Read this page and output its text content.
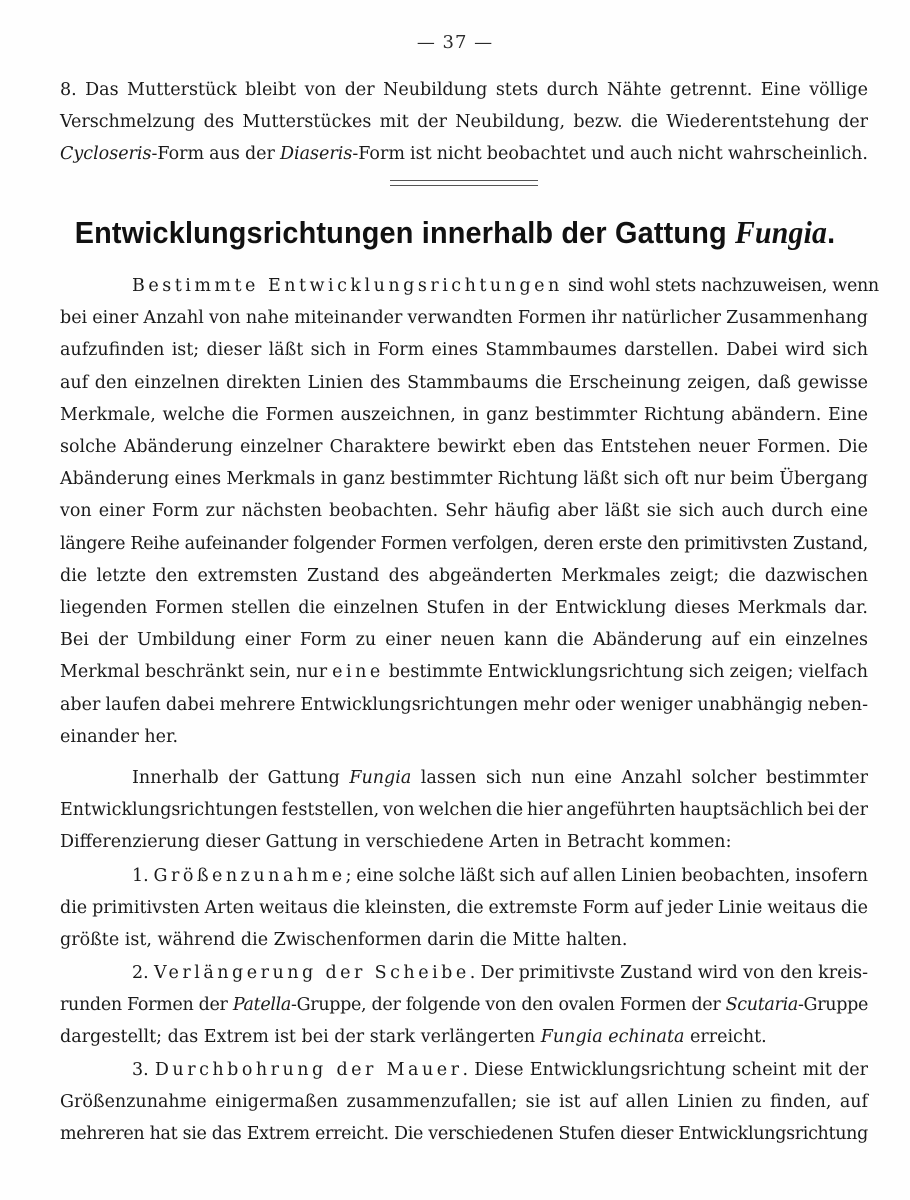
— 37 —
8. Das Mutterstück bleibt von der Neubildung stets durch Nähte getrennt. Eine völlige
Verschmelzung des Mutterstückes mit der Neubildung, bezw. die Wiederentstehung der
Cycloseris-Form aus der Diaseris-Form ist nicht beobachtet und auch nicht wahrscheinlich.
Entwicklungsrichtungen innerhalb der Gattung Fungia.
Bestimmte Entwicklungsrichtungen sind wohl stets nachzuweisen, wenn
bei einer Anzahl von nahe miteinander verwandten Formen ihr natürlicher Zusammenhang
aufzufinden ist; dieser läßt sich in Form eines Stammbaumes darstellen. Dabei wird sich
auf den einzelnen direkten Linien des Stammbaums die Erscheinung zeigen, daß gewisse
Merkmale, welche die Formen auszeichnen, in ganz bestimmter Richtung abändern. Eine
solche Abänderung einzelner Charaktere bewirkt eben das Entstehen neuer Formen. Die
Abänderung eines Merkmals in ganz bestimmter Richtung läßt sich oft nur beim Übergang
von einer Form zur nächsten beobachten. Sehr häufig aber läßt sie sich auch durch eine
längere Reihe aufeinander folgender Formen verfolgen, deren erste den primitivsten Zustand,
die letzte den extremsten Zustand des abgeänderten Merkmales zeigt; die dazwischen
liegenden Formen stellen die einzelnen Stufen in der Entwicklung dieses Merkmals dar.
Bei der Umbildung einer Form zu einer neuen kann die Abänderung auf ein einzelnes
Merkmal beschränkt sein, nur eine bestimmte Entwicklungsrichtung sich zeigen; vielfach
aber laufen dabei mehrere Entwicklungsrichtungen mehr oder weniger unabhängig neben-
einander her.
Innerhalb der Gattung Fungia lassen sich nun eine Anzahl solcher bestimmter
Entwicklungsrichtungen feststellen, von welchen die hier angeführten hauptsächlich bei der
Differenzierung dieser Gattung in verschiedene Arten in Betracht kommen:
1. Größenzunahme; eine solche läßt sich auf allen Linien beobachten, insofern
die primitivsten Arten weitaus die kleinsten, die extremste Form auf jeder Linie weitaus die
größte ist, während die Zwischenformen darin die Mitte halten.
2. Verlängerung der Scheibe. Der primitivste Zustand wird von den kreis-
runden Formen der Patella-Gruppe, der folgende von den ovalen Formen der Scutaria-Gruppe
dargestellt; das Extrem ist bei der stark verlängerten Fungia echinata erreicht.
3. Durchbohrung der Mauer. Diese Entwicklungsrichtung scheint mit der
Größenzunahme einigermaßen zusammenzufallen; sie ist auf allen Linien zu finden, auf
mehreren hat sie das Extrem erreicht. Die verschiedenen Stufen dieser Entwicklungsrichtung
